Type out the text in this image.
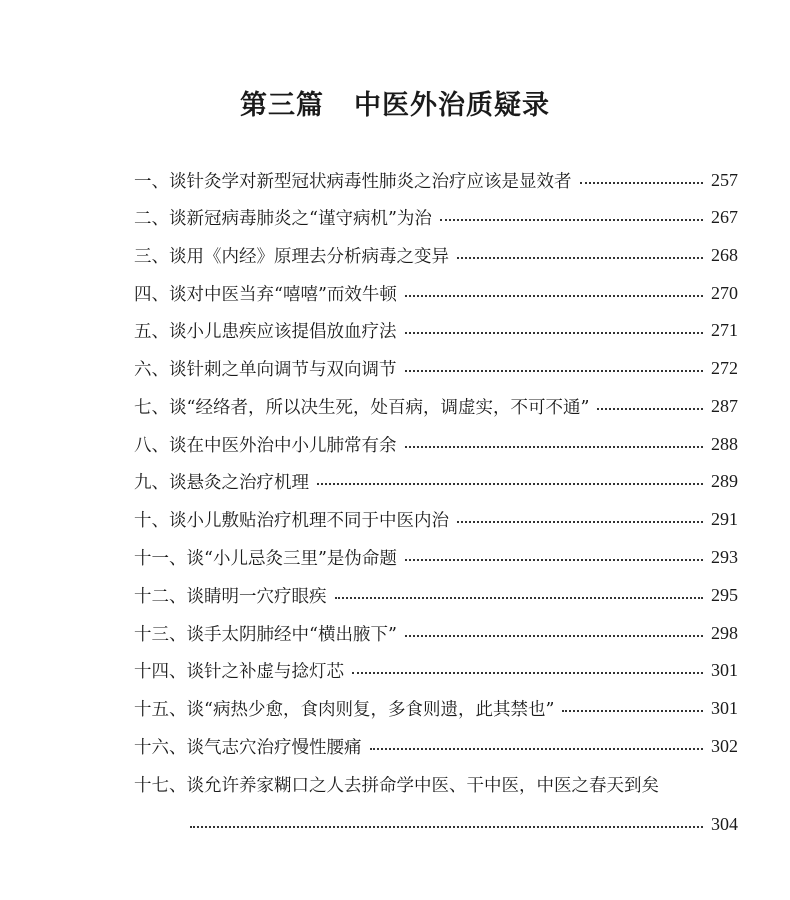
第三篇 中医外治质疑录
一、谈针灸学对新型冠状病毒性肺炎之治疗应该是显效者	257
二、谈新冠病毒肺炎之“谨守病机”为治	267
三、谈用《内经》原理去分析病毒之变异	268
四、谈对中医当弃“嘻嘻”而效牛顿	270
五、谈小儿患疾应该提倡放血疗法	271
六、谈针刺之单向调节与双向调节	272
七、谈“经络者，所以决生死，处百病，调虚实，不可不通”	287
八、谈在中医外治中小儿肺常有余	288
九、谈悬灸之治疗机理	289
十、谈小儿敷贴治疗机理不同于中医内治	291
十一、谈“小儿忌灸三里”是伪命题	293
十二、谈睛明一穴疗眼疾	295
十三、谈手太阴肺经中“横出腋下”	298
十四、谈针之补虚与捻灯芯	301
十五、谈“病热少愈，食肉则复，多食则遗，此其禁也”	301
十六、谈气志穴治疗慢性腰痛	302
十七、谈允许养家糊口之人去拼命学中医、干中医，中医之春天到矣
304
